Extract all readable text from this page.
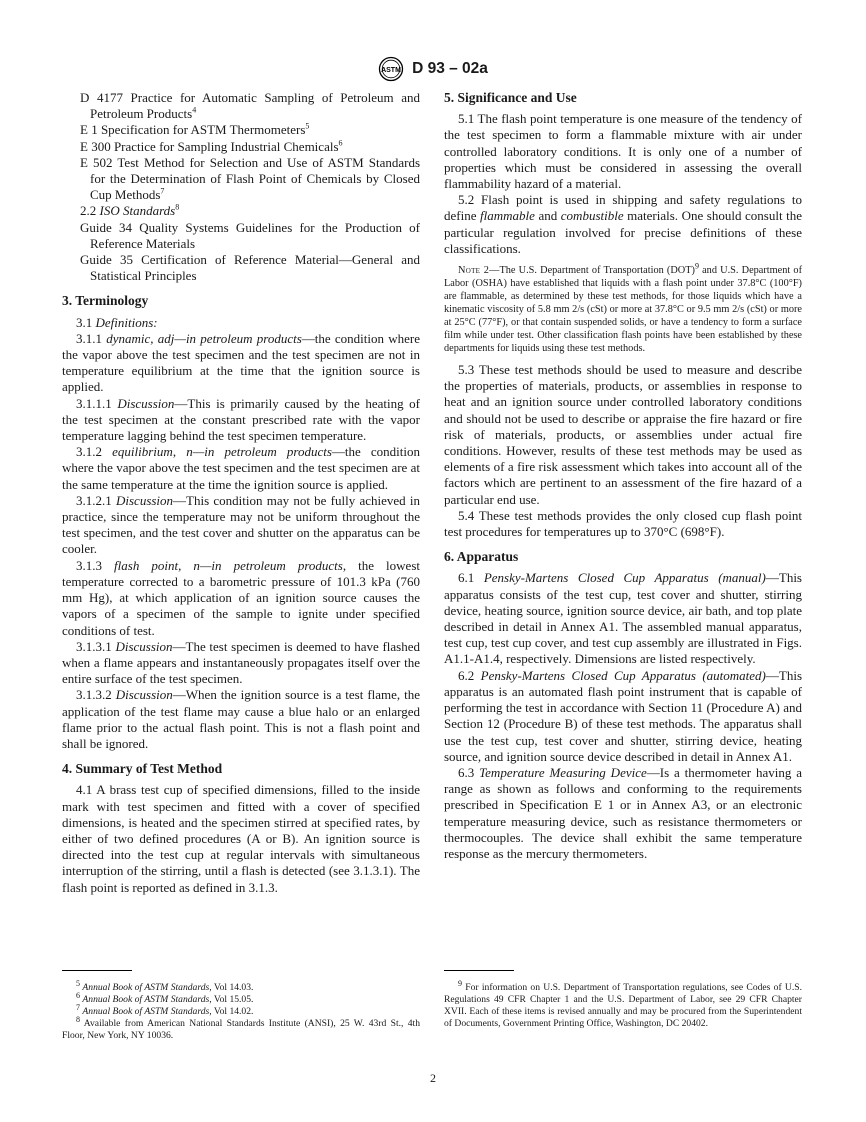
ASTM D 93 – 02a

D 4177 Practice for Automatic Sampling of Petroleum and Petroleum Products$^4$

E 1 Specification for ASTM Thermometers$^5$

E 300 Practice for Sampling Industrial Chemicals$^6$

E 502 Test Method for Selection and Use of ASTM Standards for the Determination of Flash Point of Chemicals by Closed Cup Methods$^7$

2.2 ISO Standards$^8$

Guide 34 Quality Systems Guidelines for the Production of Reference Materials

Guide 35 Certification of Reference Material—General and Statistical Principles

3. Terminology

3.1 Definitions:

3.1.1 dynamic, adj—in petroleum products—the condition where the vapor above the test specimen and the test specimen are not in temperature equilibrium at the time that the ignition source is applied.

3.1.1.1 Discussion—This is primarily caused by the heating of the test specimen at the constant prescribed rate with the vapor temperature lagging behind the test specimen temperature.

3.1.2 equilibrium, n—in petroleum products—the condition where the vapor above the test specimen and the test specimen are at the same temperature at the time the ignition source is applied.

3.1.2.1 Discussion—This condition may not be fully achieved in practice, since the temperature may not be uniform throughout the test specimen, and the test cover and shutter on the apparatus can be cooler.

3.1.3 flash point, n—in petroleum products, the lowest temperature corrected to a barometric pressure of 101.3 kPa (760 mm Hg), at which application of an ignition source causes the vapors of a specimen of the sample to ignite under specified conditions of test.

3.1.3.1 Discussion—The test specimen is deemed to have flashed when a flame appears and instantaneously propagates itself over the entire surface of the test specimen.

3.1.3.2 Discussion—When the ignition source is a test flame, the application of the test flame may cause a blue halo or an enlarged flame prior to the actual flash point. This is not a flash point and shall be ignored.

4. Summary of Test Method

4.1 A brass test cup of specified dimensions, filled to the inside mark with test specimen and fitted with a cover of specified dimensions, is heated and the specimen stirred at specified rates, by either of two defined procedures (A or B). An ignition source is directed into the test cup at regular intervals with simultaneous interruption of the stirring, until a flash is detected (see 3.1.3.1). The flash point is reported as defined in 3.1.3.

5. Significance and Use

5.1 The flash point temperature is one measure of the tendency of the test specimen to form a flammable mixture with air under controlled laboratory conditions. It is only one of a number of properties which must be considered in assessing the overall flammability hazard of a material.

5.2 Flash point is used in shipping and safety regulations to define flammable and combustible materials. One should consult the particular regulation involved for precise definitions of these classifications.

Note 2—The U.S. Department of Transportation (DOT)$^9$ and U.S. Department of Labor (OSHA) have established that liquids with a flash point under 37.8°C (100°F) are flammable, as determined by these test methods, for those liquids which have a kinematic viscosity of 5.8 mm 2/s (cSt) or more at 37.8°C or 9.5 mm 2/s (cSt) or more at 25°C (77°F), or that contain suspended solids, or have a tendency to form a surface film while under test. Other classification flash points have been established by these departments for liquids using these test methods.

5.3 These test methods should be used to measure and describe the properties of materials, products, or assemblies in response to heat and an ignition source under controlled laboratory conditions and should not be used to describe or appraise the fire hazard or fire risk of materials, products, or assemblies under actual fire conditions. However, results of these test methods may be used as elements of a fire risk assessment which takes into account all of the factors which are pertinent to an assessment of the fire hazard of a particular end use.

5.4 These test methods provides the only closed cup flash point test procedures for temperatures up to 370°C (698°F).

6. Apparatus

6.1 Pensky-Martens Closed Cup Apparatus (manual)—This apparatus consists of the test cup, test cover and shutter, stirring device, heating source, ignition source device, air bath, and top plate described in detail in Annex A1. The assembled manual apparatus, test cup, test cup cover, and test cup assembly are illustrated in Figs. A1.1-A1.4, respectively. Dimensions are listed respectively.

6.2 Pensky-Martens Closed Cup Apparatus (automated)—This apparatus is an automated flash point instrument that is capable of performing the test in accordance with Section 11 (Procedure A) and Section 12 (Procedure B) of these test methods. The apparatus shall use the test cup, test cover and shutter, stirring device, heating source, and ignition source device described in detail in Annex A1.

6.3 Temperature Measuring Device—Is a thermometer having a range as shown as follows and conforming to the requirements prescribed in Specification E 1 or in Annex A3, or an electronic temperature measuring device, such as resistance thermometers or thermocouples. The device shall exhibit the same temperature response as the mercury thermometers.

$^5$ Annual Book of ASTM Standards, Vol 14.03.

$^6$ Annual Book of ASTM Standards, Vol 15.05.

$^7$ Annual Book of ASTM Standards, Vol 14.02.

$^8$ Available from American National Standards Institute (ANSI), 25 W. 43rd St., 4th Floor, New York, NY 10036.

$^9$ For information on U.S. Department of Transportation regulations, see Codes of U.S. Regulations 49 CFR Chapter 1 and the U.S. Department of Labor, see 29 CFR Chapter XVII. Each of these items is revised annually and may be procured from the Superintendent of Documents, Government Printing Office, Washington, DC 20402.

2
